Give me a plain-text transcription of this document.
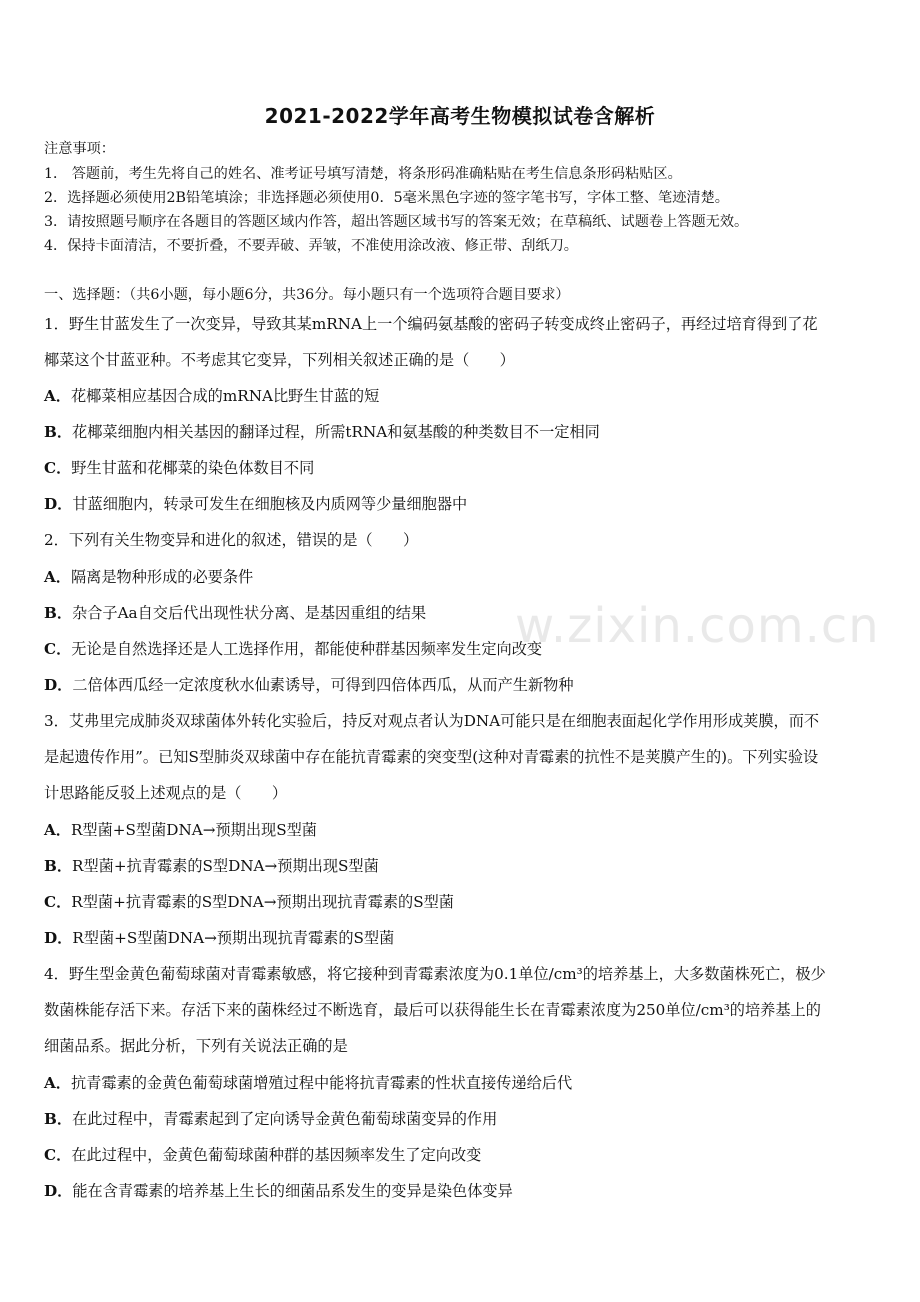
w.zixin.com.cn
2021-2022学年高考生物模拟试卷含解析
注意事项：
1． 答题前，考生先将自己的姓名、准考证号填写清楚，将条形码准确粘贴在考生信息条形码粘贴区。
2．选择题必须使用2B铅笔填涂；非选择题必须使用0．5毫米黑色字迹的签字笔书写，字体工整、笔迹清楚。
3．请按照题号顺序在各题目的答题区域内作答，超出答题区域书写的答案无效；在草稿纸、试题卷上答题无效。
4．保持卡面清洁，不要折叠，不要弄破、弄皱，不准使用涂改液、修正带、刮纸刀。
一、选择题：（共6小题，每小题6分，共36分。每小题只有一个选项符合题目要求）
1．野生甘蓝发生了一次变异，导致其某mRNA上一个编码氨基酸的密码子转变成终止密码子，再经过培育得到了花
椰菜这个甘蓝亚种。不考虑其它变异，下列相关叙述正确的是（　　）
A．花椰菜相应基因合成的mRNA比野生甘蓝的短
B．花椰菜细胞内相关基因的翻译过程，所需tRNA和氨基酸的种类数目不一定相同
C．野生甘蓝和花椰菜的染色体数目不同
D．甘蓝细胞内，转录可发生在细胞核及内质网等少量细胞器中
2．下列有关生物变异和进化的叙述，错误的是（　　）
A．隔离是物种形成的必要条件
B．杂合子Aa自交后代出现性状分离、是基因重组的结果
C．无论是自然选择还是人工选择作用，都能使种群基因频率发生定向改变
D．二倍体西瓜经一定浓度秋水仙素诱导，可得到四倍体西瓜，从而产生新物种
3．艾弗里完成肺炎双球菌体外转化实验后，持反对观点者认为DNA可能只是在细胞表面起化学作用形成荚膜，而不
是起遗传作用”。已知S型肺炎双球菌中存在能抗青霉素的突变型(这种对青霉素的抗性不是荚膜产生的)。下列实验设
计思路能反驳上述观点的是（　　）
A．R型菌+S型菌DNA→预期出现S型菌
B．R型菌+抗青霉素的S型DNA→预期出现S型菌
C．R型菌+抗青霉素的S型DNA→预期出现抗青霉素的S型菌
D．R型菌+S型菌DNA→预期出现抗青霉素的S型菌
4．野生型金黄色葡萄球菌对青霉素敏感，将它接种到青霉素浓度为0.1单位/cm³的培养基上，大多数菌株死亡，极少
数菌株能存活下来。存活下来的菌株经过不断选育，最后可以获得能生长在青霉素浓度为250单位/cm³的培养基上的
细菌品系。据此分析，下列有关说法正确的是
A．抗青霉素的金黄色葡萄球菌增殖过程中能将抗青霉素的性状直接传递给后代
B．在此过程中，青霉素起到了定向诱导金黄色葡萄球菌变异的作用
C．在此过程中，金黄色葡萄球菌种群的基因频率发生了定向改变
D．能在含青霉素的培养基上生长的细菌品系发生的变异是染色体变异
